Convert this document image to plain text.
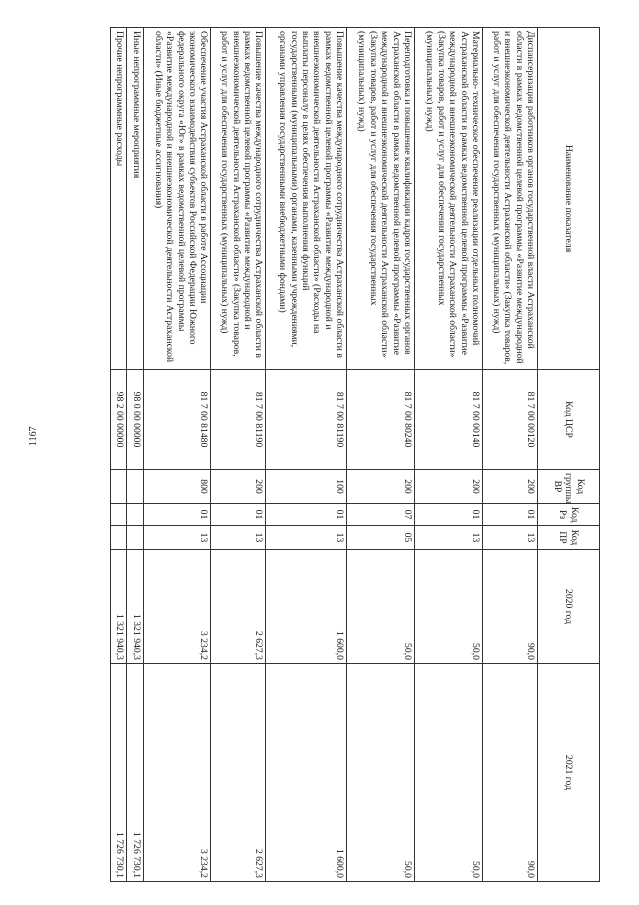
1167
Наименование показателя	Код ЦСР	Код группы ВР	Код Рз	Код ПР	2020 год	2021 год
Диспансеризация работников органов государственной власти Астраханской области в рамках ведомственной целевой программы «Развитие международной и внешнеэкономической деятельности Астраханской области» (Закупка товаров, работ и услуг для обеспечения государственных (муниципальных) нужд)	81 7 00 00120	200	01	13	90,0	90,0
Материально- техническое обеспечение реализации отдельных полномочий Астраханской области в рамках ведомственной целевой программы «Развитие международной и внешнеэкономической деятельности Астраханской области» (Закупка товаров, работ и услуг для обеспечения государственных (муниципальных) нужд)	81 7 00 00140	200	01	13	50,0	50,0
Переподготовка и повышение квалификации кадров государственных органов Астраханской области в рамках ведомственной целевой программы «Развитие международной и внешнеэкономической деятельности Астраханской области» (Закупка товаров, работ и услуг для обеспечения государственных (муниципальных) нужд)	81 7 00 80240	200	07	05	50,0	50,0
Повышение качества международного сотрудничества Астраханской области в рамках ведомственной целевой программы «Развитие международной и внешнеэкономической деятельности Астраханской области» (Расходы на выплаты персоналу в целях обеспечения выполнения функций государственными (муниципальными) органами, казенными учреждениями, органами управления государственными внебюджетными фондами)	81 7 00 81190	100	01	13	1 600,0	1 600,0
Повышение качества международного сотрудничества Астраханской области в рамках ведомственной целевой программы «Развитие международной и внешнеэкономической деятельности Астраханской области» (Закупка товаров, работ и услуг для обеспечения государственных (муниципальных) нужд)	81 7 00 81190	200	01	13	2 627,3	2 627,3
Обеспечение участия Астраханской области в работе Ассоциации экономического взаимодействия субъектов Российской Федерации Южного федерального округа «Юг» в рамках ведомственной целевой программы «Развитие международной и внешнеэкономической деятельности Астраханской области» (Иные бюджетные ассигнования)	81 7 00 81480	800	01	13	3 234,2	3 234,2
Иные непрограммные мероприятия	98 0 00 00000				1 321 940,3	1 726 730,1
Прочие непрограммные расходы	98 2 00 00000				1 321 940,3	1 726 730,1
